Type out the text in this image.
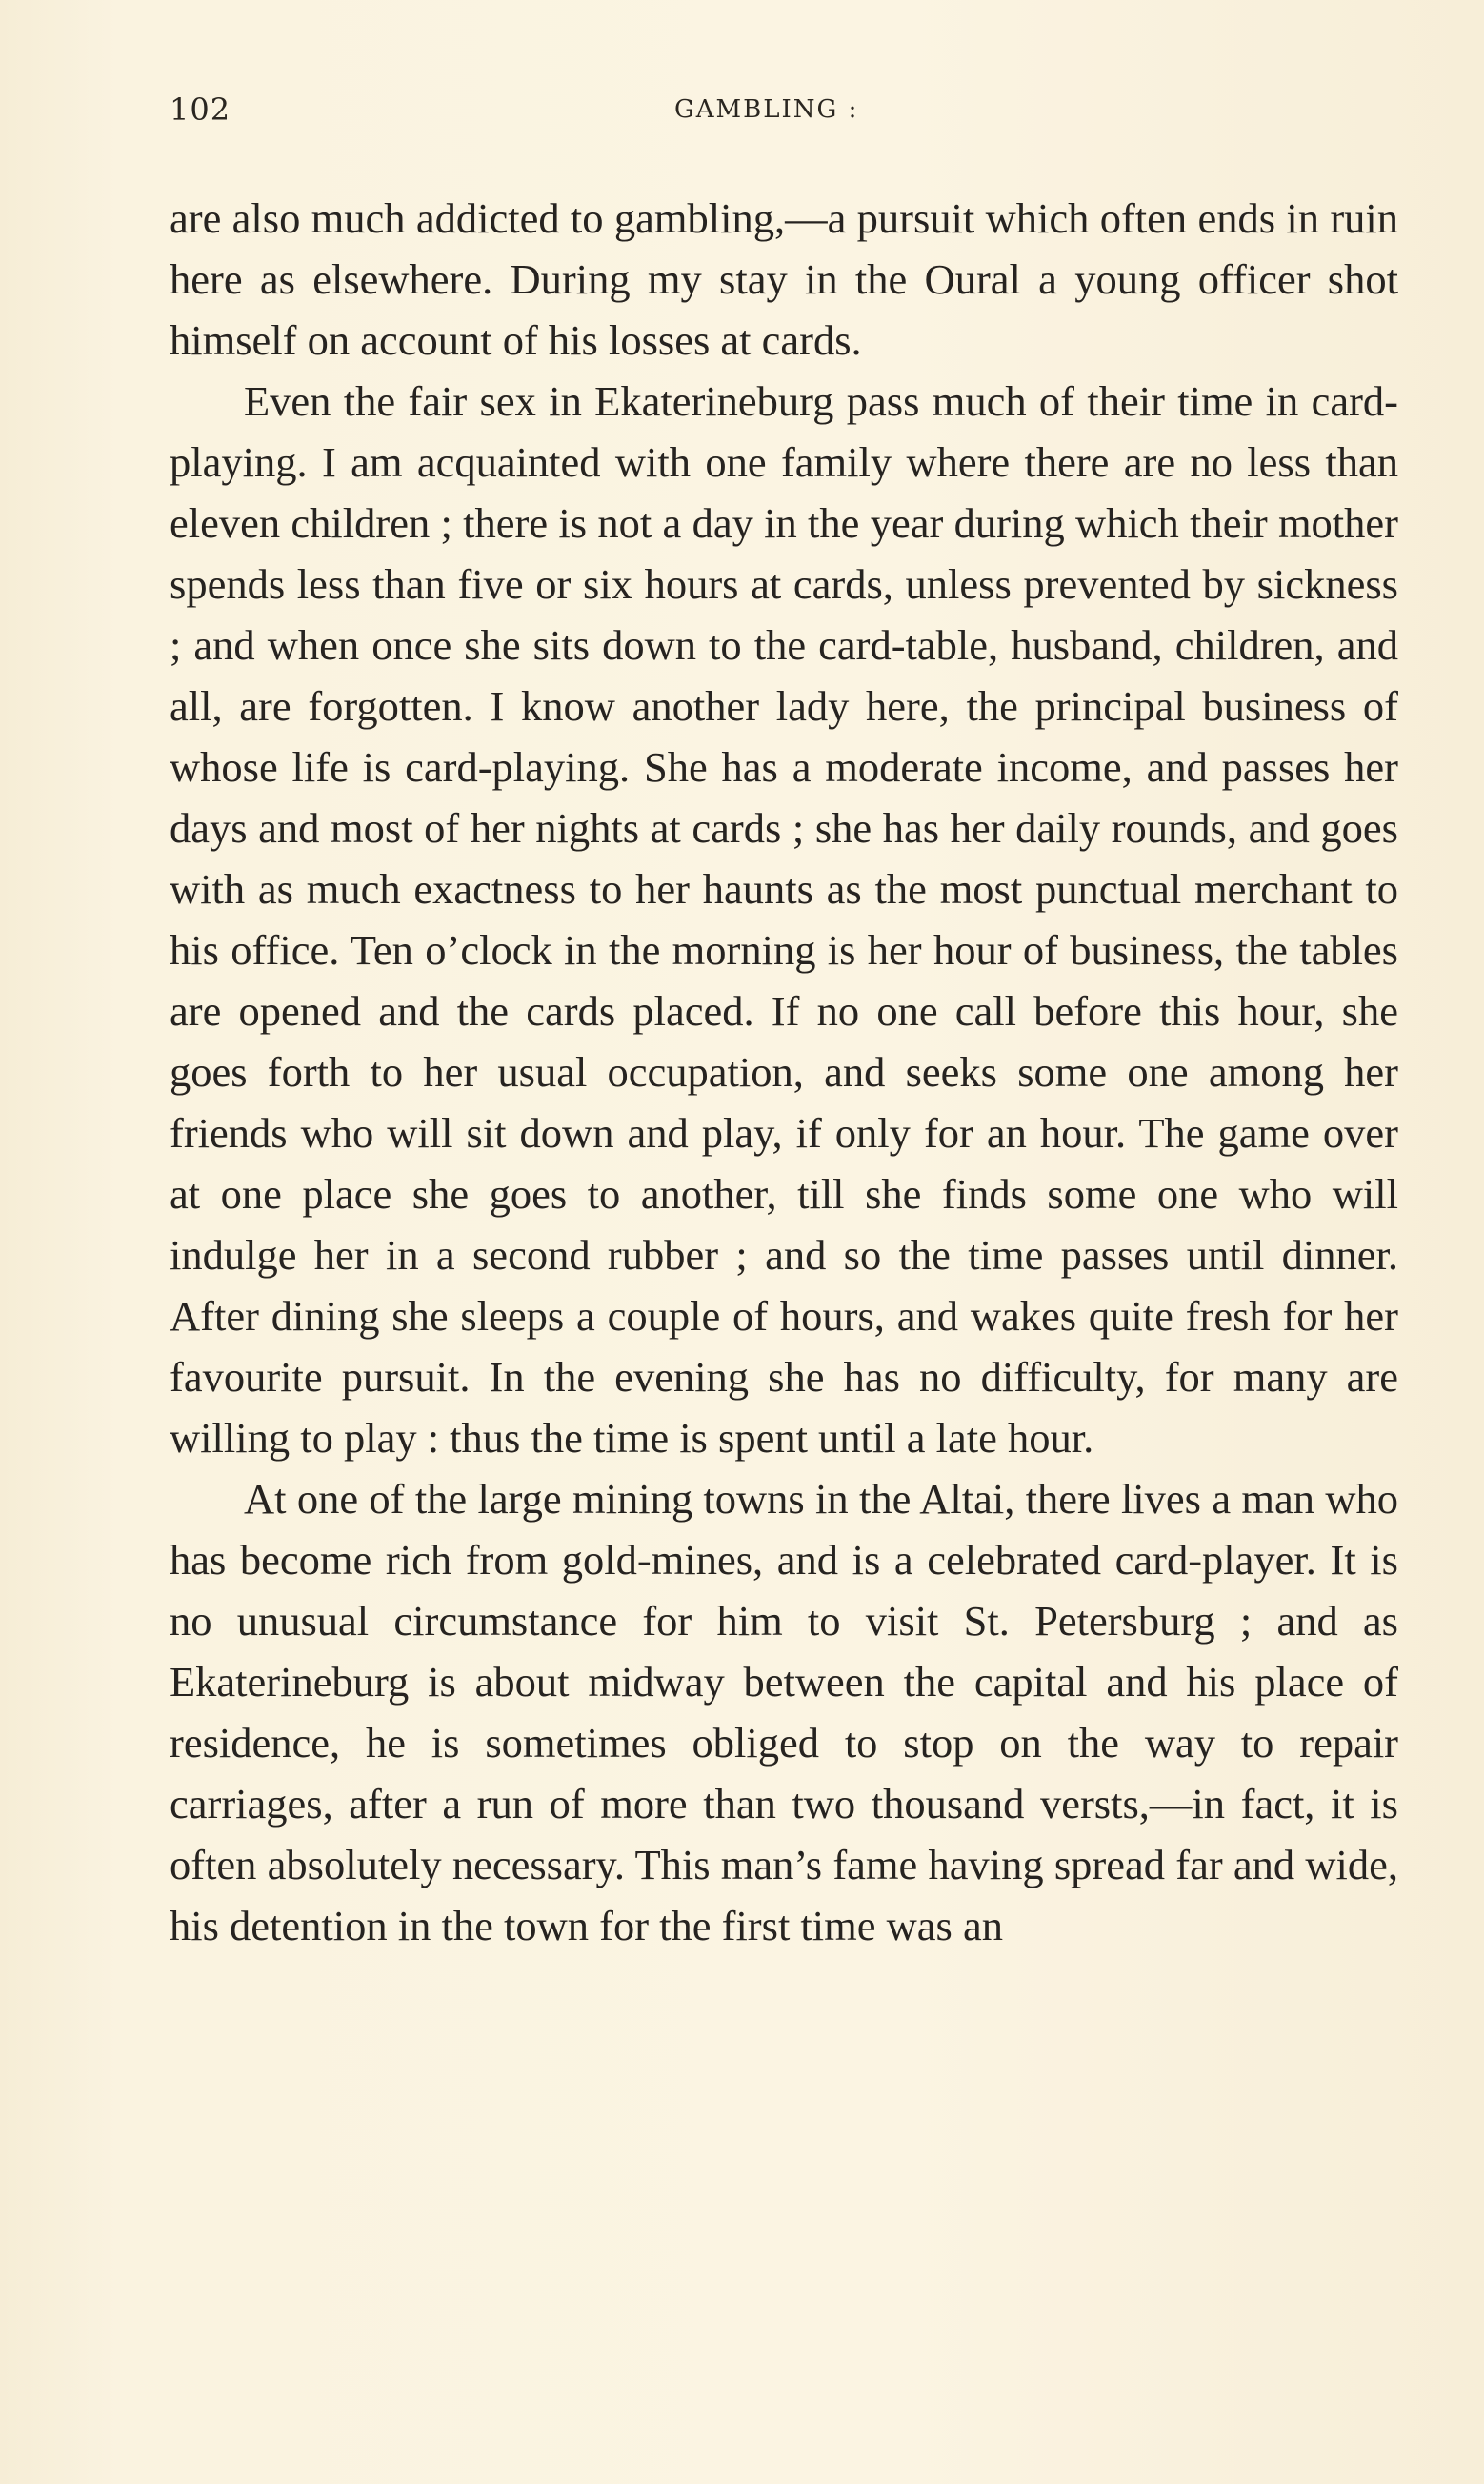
102	GAMBLING :

are also much addicted to gambling,—a pursuit which often ends in ruin here as elsewhere. During my stay in the Oural a young officer shot himself on account of his losses at cards.

Even the fair sex in Ekaterineburg pass much of their time in card-playing. I am acquainted with one family where there are no less than eleven children ; there is not a day in the year during which their mother spends less than five or six hours at cards, unless prevented by sickness ; and when once she sits down to the card-table, husband, children, and all, are forgotten. I know another lady here, the principal business of whose life is card-playing. She has a moderate income, and passes her days and most of her nights at cards ; she has her daily rounds, and goes with as much exactness to her haunts as the most punctual merchant to his office. Ten o’clock in the morning is her hour of business, the tables are opened and the cards placed. If no one call before this hour, she goes forth to her usual occupation, and seeks some one among her friends who will sit down and play, if only for an hour. The game over at one place she goes to another, till she finds some one who will indulge her in a second rubber ; and so the time passes until dinner. After dining she sleeps a couple of hours, and wakes quite fresh for her favourite pursuit. In the evening she has no difficulty, for many are willing to play : thus the time is spent until a late hour.

At one of the large mining towns in the Altai, there lives a man who has become rich from gold-mines, and is a celebrated card-player. It is no unusual circumstance for him to visit St. Petersburg ; and as Ekaterineburg is about midway between the capital and his place of residence, he is sometimes obliged to stop on the way to repair carriages, after a run of more than two thousand versts,—in fact, it is often absolutely necessary. This man’s fame having spread far and wide, his detention in the town for the first time was an
